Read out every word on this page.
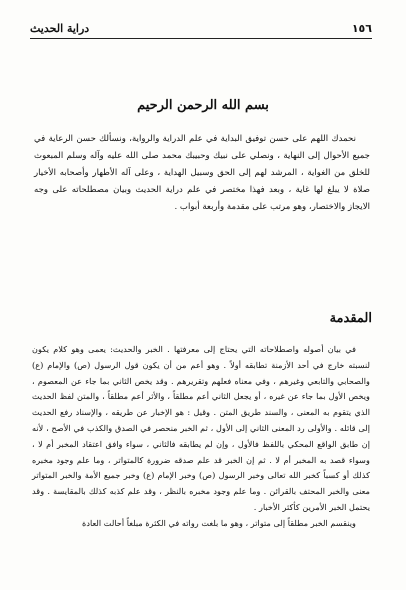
١٥٦
دراية الحديث
بسم الله الرحمن الرحيم

نحمدك اللهم على حسن توفيق البداية في علم الدراية والرواية، ونسألك حسن الرعاية في جميع الأحوال إلى النهاية ، ونصلي على نبيك وحبيبك محمد صلى الله عليه وآله وسلم المبعوث للخلق من الغواية ، المرشد لهم إلى الحق وسبيل الهداية ، وعلى آله الأطهار وأصحابه الأخيار صلاة لا يبلغ لها غاية ، وبعد فهذا مختصر في علم دراية الحديث وبيان مصطلحاته على وجه الايجاز والاختصار، وهو مرتب على مقدمة وأربعة أبواب .

المقدمة

في بيان أصوله واصطلاحاته التي يحتاج إلى معرفتها . الخبر والحديث: يعمى وهو كلام يكون لنسبته خارج في أحد الأزمنة تطابقه أولاً . وهو أعم من أن يكون قول الرسول (ص) والإمام (ع) والصحابي والتابعي وغيرهم ، وفي معناه فعلهم وتقريرهم . وقد يخص الثاني بما جاء عن المعصوم ، ويخص الأول بما جاء عن غيره ، أو يجعل الثاني أعم مطلقاً ، والأثر أعم مطلقاً ، والمتن لفظ الحديث الذي يتقوم به المعنى ، والسند طريق المتن . وقيل : هو الإخبار عن طريقه ، والإسناد رفع الحديث إلى قائله . والأولى رد المعنى الثاني إلى الأول ، ثم الخبر منحصر في الصدق والكذب في الأصح ، لأنه إن طابق الواقع المحكي باللفظ فالأول ، وإن لم يطابقه فالثاني ، سواء وافق اعتقاد المخبر أم لا ، وسواء قصد به المخبر أم لا . ثم إن الخبر قد علم صدقه ضرورة كالمتواتر ، وما علم وجود مخبره كذلك أو كسباً كخبر الله تعالى وخبر الرسول (ص) وخبر الإمام (ع) وخبر جميع الأمة والخبر المتواتر معنى والخبر المحتف بالقرائن . وما علم وجود مخبره بالنظر ، وقد علم كذبه كذلك بالمقايسة . وقد يحتمل الخبر الأمرين كأكثر الأخبار .

وينقسم الخبر مطلقاً إلى متواتر ، وهو ما بلغت رواته في الكثرة مبلغاً أحالت العادة
